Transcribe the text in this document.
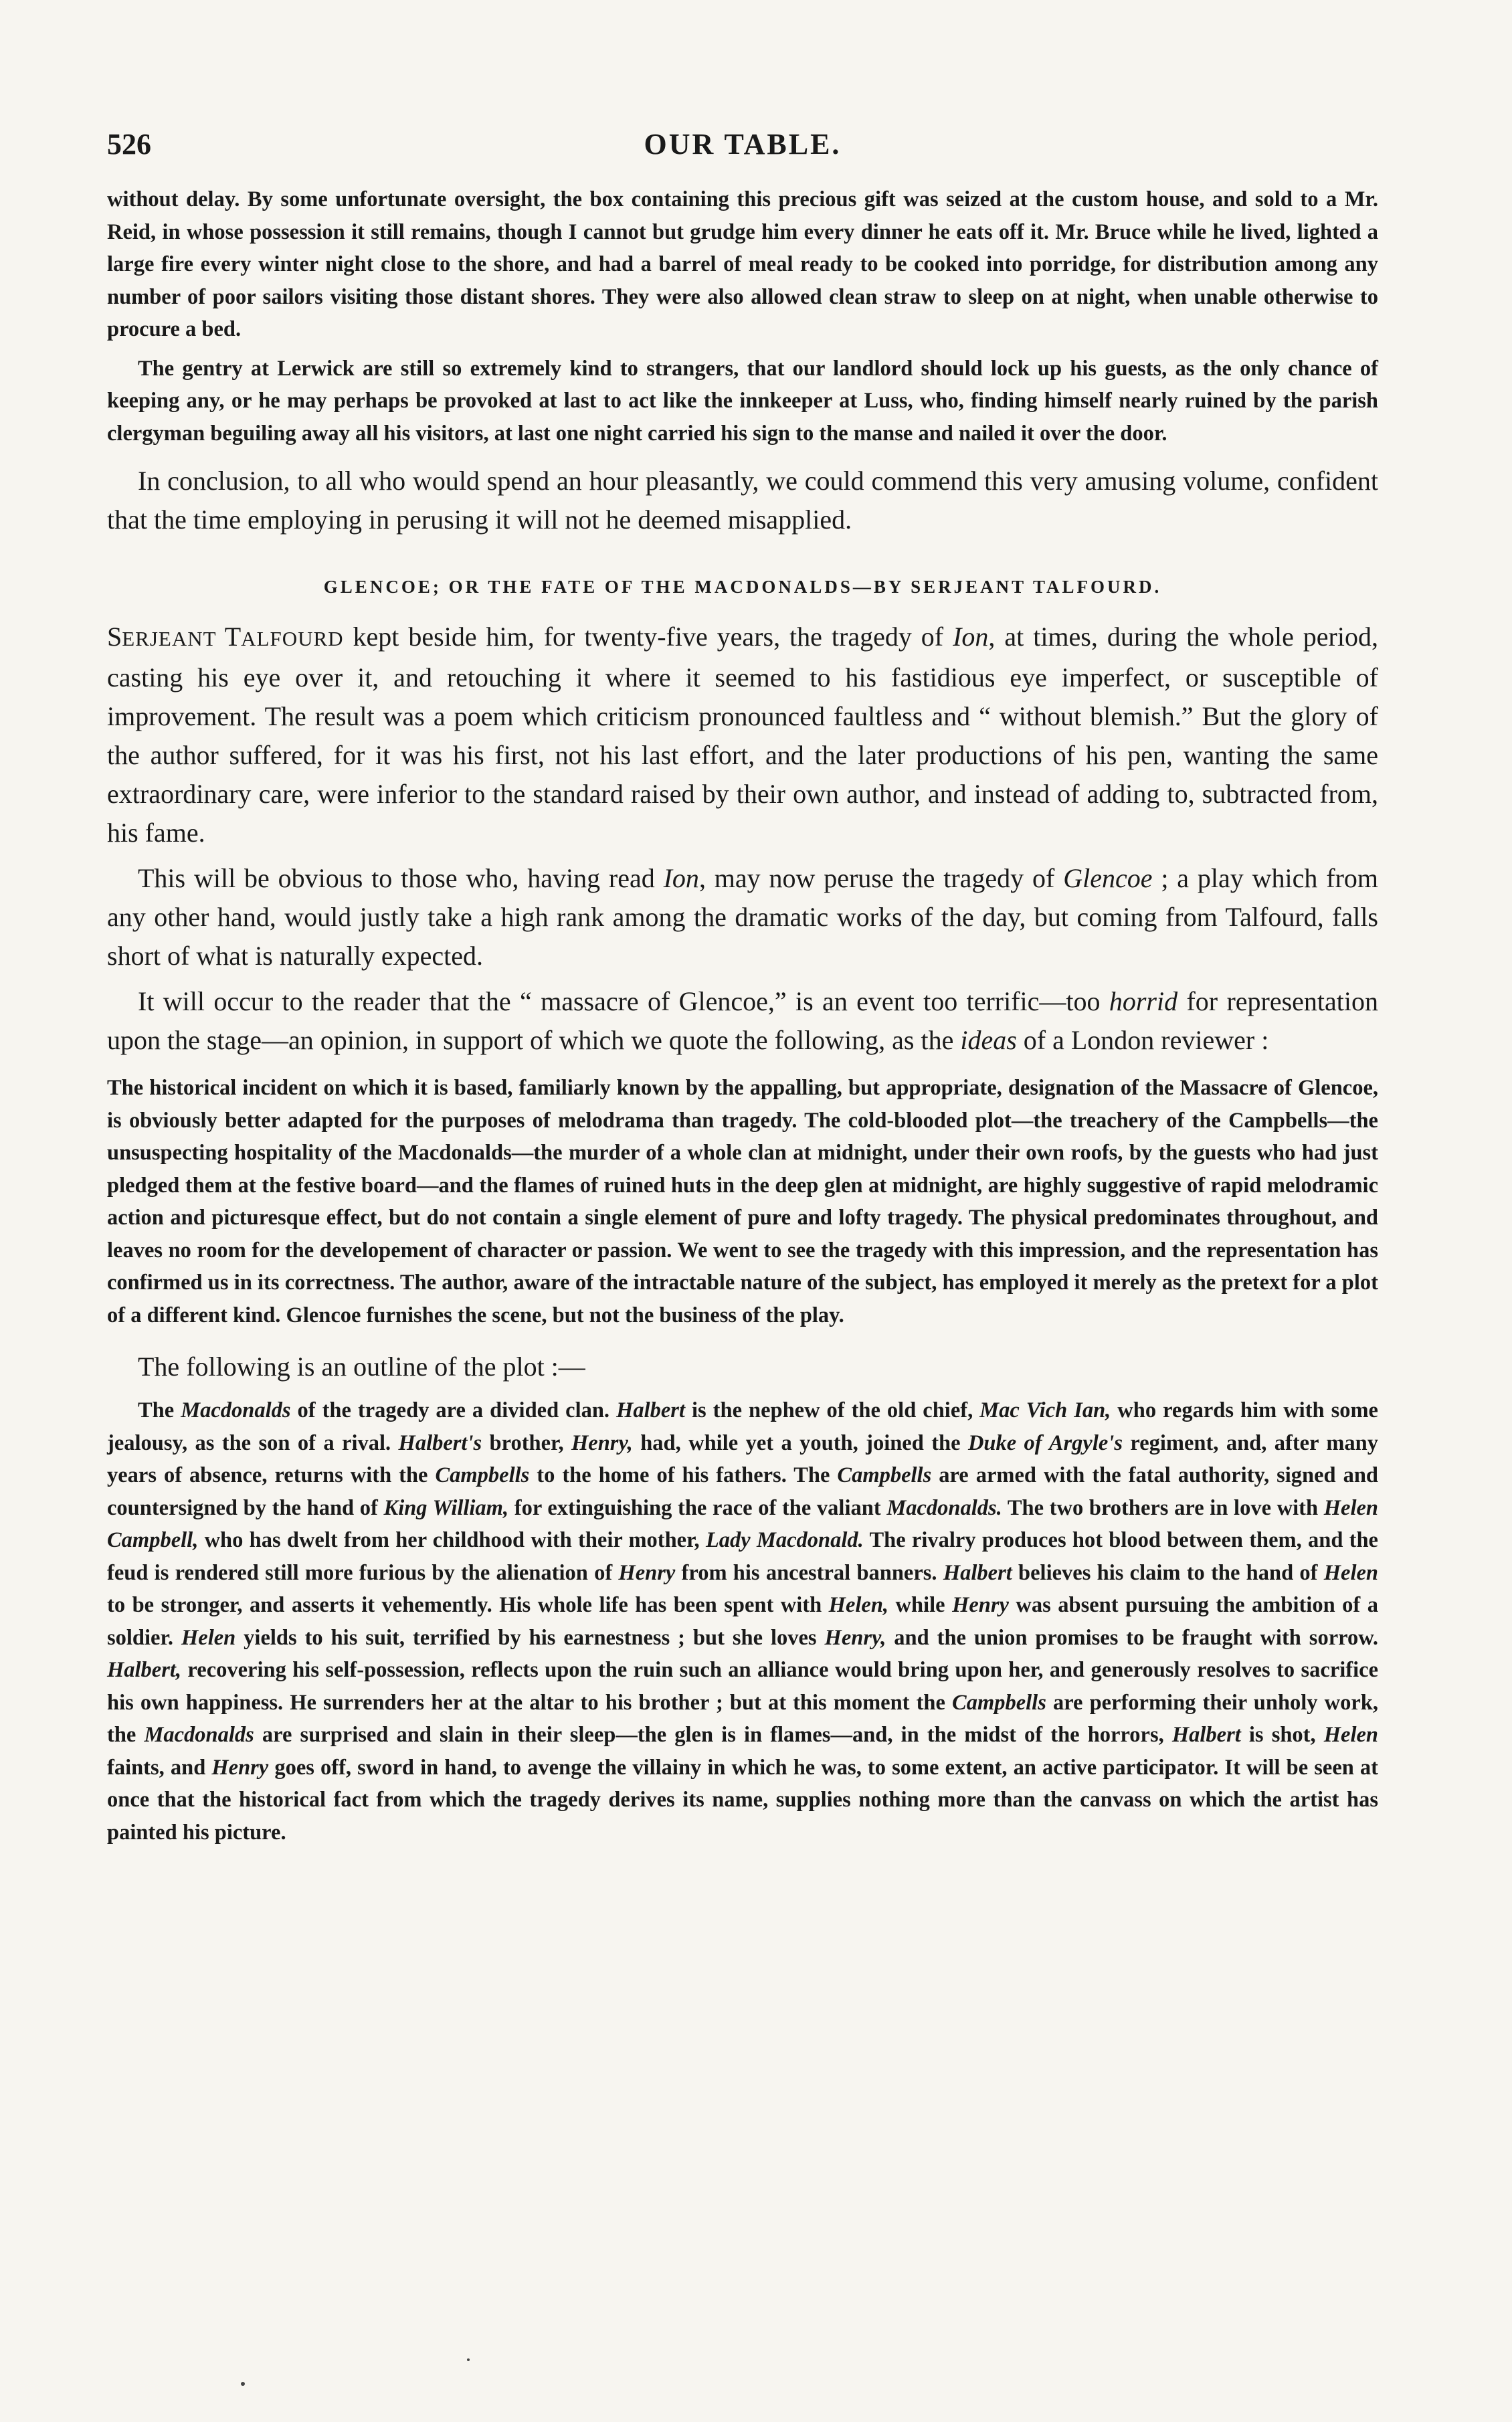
526	OUR TABLE.

without delay. By some unfortunate oversight, the box containing this precious gift was seized at the custom house, and sold to a Mr. Reid, in whose possession it still remains, though I cannot but grudge him every dinner he eats off it. Mr. Bruce while he lived, lighted a large fire every winter night close to the shore, and had a barrel of meal ready to be cooked into porridge, for distribution among any number of poor sailors visiting those distant shores. They were also allowed clean straw to sleep on at night, when unable otherwise to procure a bed.

The gentry at Lerwick are still so extremely kind to strangers, that our landlord should lock up his guests, as the only chance of keeping any, or he may perhaps be provoked at last to act like the innkeeper at Luss, who, finding himself nearly ruined by the parish clergyman beguiling away all his visitors, at last one night carried his sign to the manse and nailed it over the door.

In conclusion, to all who would spend an hour pleasantly, we could commend this very amusing volume, confident that the time employing in perusing it will not he deemed misapplied.

GLENCOE; OR THE FATE OF THE MACDONALDS—BY SERJEANT TALFOURD.

SERJEANT TALFOURD kept beside him, for twenty-five years, the tragedy of Ion, at times, during the whole period, casting his eye over it, and retouching it where it seemed to his fastidious eye imperfect, or susceptible of improvement. The result was a poem which criticism pronounced faultless and “ without blemish.” But the glory of the author suffered, for it was his first, not his last effort, and the later productions of his pen, wanting the same extraordinary care, were inferior to the standard raised by their own author, and instead of adding to, subtracted from, his fame.

This will be obvious to those who, having read Ion, may now peruse the tragedy of Glencoe ; a play which from any other hand, would justly take a high rank among the dramatic works of the day, but coming from Talfourd, falls short of what is naturally expected.

It will occur to the reader that the “ massacre of Glencoe,” is an event too terrific—too horrid for representation upon the stage—an opinion, in support of which we quote the following, as the ideas of a London reviewer :

The historical incident on which it is based, familiarly known by the appalling, but appropriate, designation of the Massacre of Glencoe, is obviously better adapted for the purposes of melodrama than tragedy. The cold-blooded plot—the treachery of the Campbells—the unsuspecting hospitality of the Macdonalds—the murder of a whole clan at midnight, under their own roofs, by the guests who had just pledged them at the festive board—and the flames of ruined huts in the deep glen at midnight, are highly suggestive of rapid melodramic action and picturesque effect, but do not contain a single element of pure and lofty tragedy. The physical predominates throughout, and leaves no room for the developement of character or passion. We went to see the tragedy with this impression, and the representation has confirmed us in its correctness. The author, aware of the intractable nature of the subject, has employed it merely as the pretext for a plot of a different kind. Glencoe furnishes the scene, but not the business of the play.

The following is an outline of the plot :—

The Macdonalds of the tragedy are a divided clan. Halbert is the nephew of the old chief, Mac Vich Ian, who regards him with some jealousy, as the son of a rival. Halbert's brother, Henry, had, while yet a youth, joined the Duke of Argyle's regiment, and, after many years of absence, returns with the Campbells to the home of his fathers. The Campbells are armed with the fatal authority, signed and countersigned by the hand of King William, for extinguishing the race of the valiant Macdonalds. The two brothers are in love with Helen Campbell, who has dwelt from her childhood with their mother, Lady Macdonald. The rivalry produces hot blood between them, and the feud is rendered still more furious by the alienation of Henry from his ancestral banners. Halbert believes his claim to the hand of Helen to be stronger, and asserts it vehemently. His whole life has been spent with Helen, while Henry was absent pursuing the ambition of a soldier. Helen yields to his suit, terrified by his earnestness ; but she loves Henry, and the union promises to be fraught with sorrow. Halbert, recovering his self-possession, reflects upon the ruin such an alliance would bring upon her, and generously resolves to sacrifice his own happiness. He surrenders her at the altar to his brother ; but at this moment the Campbells are performing their unholy work, the Macdonalds are surprised and slain in their sleep—the glen is in flames—and, in the midst of the horrors, Halbert is shot, Helen faints, and Henry goes off, sword in hand, to avenge the villainy in which he was, to some extent, an active participator. It will be seen at once that the historical fact from which the tragedy derives its name, supplies nothing more than the canvass on which the artist has painted his picture.
